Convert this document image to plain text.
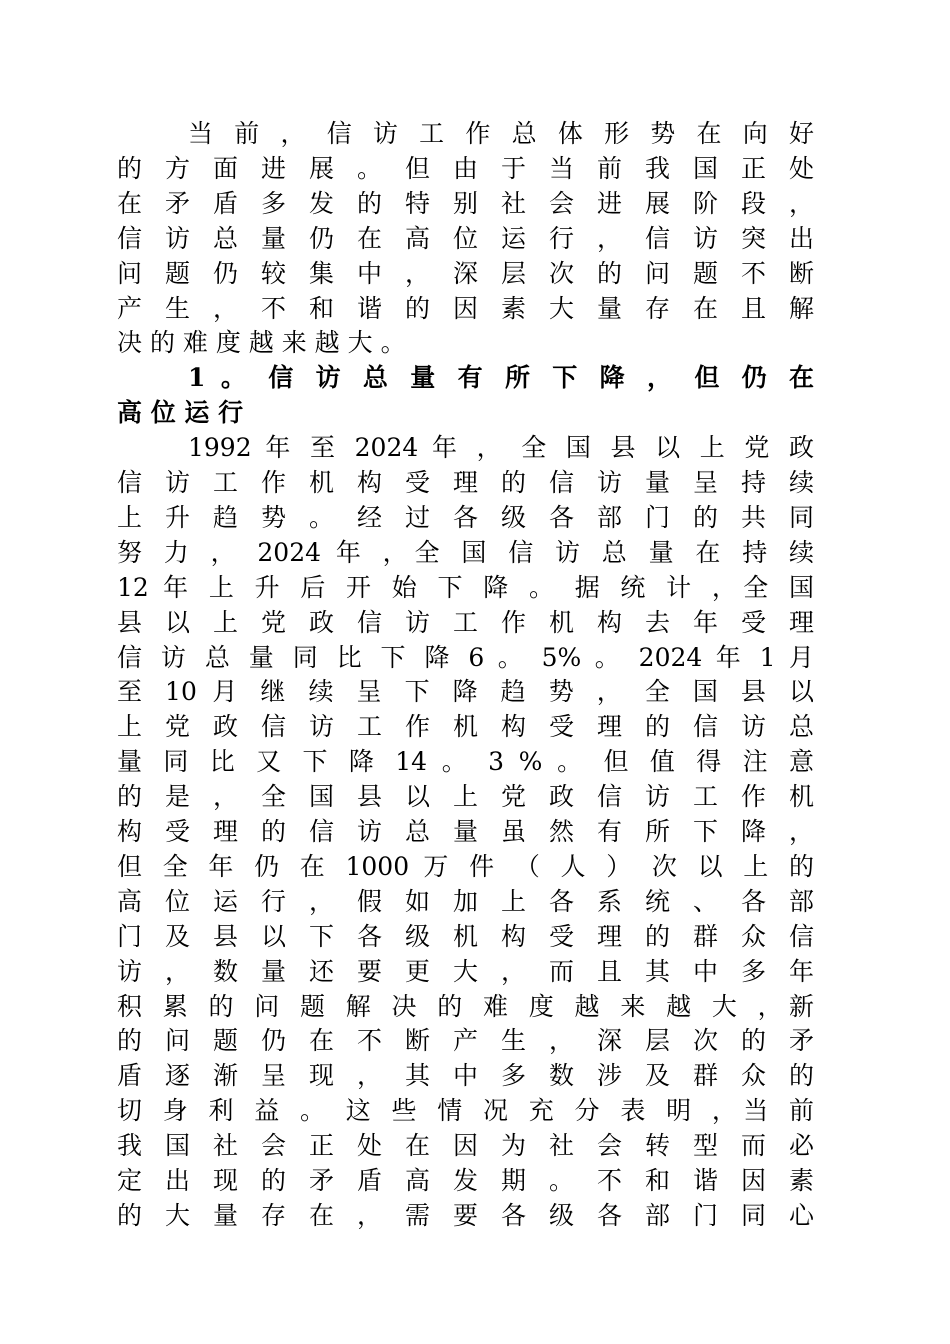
当 前 ， 信 访 工 作 总 体 形 势 在 向 好
的 方 面 进 展 。 但 由 于 当 前 我 国 正 处
在 矛 盾 多 发 的 特 别 社 会 进 展 阶 段 ，
信 访 总 量 仍 在 高 位 运 行 ， 信 访 突 出
问 题 仍 较 集 中 ， 深 层 次 的 问 题 不 断
产 生 ， 不 和 谐 的 因 素 大 量 存 在 且 解
决 的 难 度 越 来 越 大 。
1 。 信 访 总 量 有 所 下 降 ， 但 仍 在
高 位 运 行
1992 年 至 2024 年 ， 全 国 县 以 上 党 政
信 访 工 作 机 构 受 理 的 信 访 量 呈 持 续
上 升 趋 势 。 经 过 各 级 各 部 门 的 共 同
努 力 ， 2024 年 ，全 国 信 访 总 量 在 持 续
12 年 上 升 后 开 始 下 降 。 据 统 计 ，全 国
县 以 上 党 政 信 访 工 作 机 构 去 年 受 理
信 访 总 量 同 比 下 降 6 。 5% 。 2024 年 1 月
至 10 月 继 续 呈 下 降 趋 势 ， 全 国 县 以
上 党 政 信 访 工 作 机 构 受 理 的 信 访 总
量 同 比 又 下 降 14 。 3 % 。 但 值 得 注 意
的 是 ， 全 国 县 以 上 党 政 信 访 工 作 机
构 受 理 的 信 访 总 量 虽 然 有 所 下 降 ，
但 全 年 仍 在 1000 万 件 （ 人 ） 次 以 上 的
高 位 运 行 ， 假 如 加 上 各 系 统 、 各 部
门 及 县 以 下 各 级 机 构 受 理 的 群 众 信
访 ， 数 量 还 要 更 大 ， 而 且 其 中 多 年
积 累 的 问 题 解 决 的 难 度 越 来 越 大 ，新
的 问 题 仍 在 不 断 产 生 ， 深 层 次 的 矛
盾 逐 渐 呈 现 ， 其 中 多 数 涉 及 群 众 的
切 身 利 益 。 这 些 情 况 充 分 表 明 ，当 前
我 国 社 会 正 处 在 因 为 社 会 转 型 而 必
定 出 现 的 矛 盾 高 发 期 。 不 和 谐 因 素
的 大 量 存 在 ， 需 要 各 级 各 部 门 同 心
